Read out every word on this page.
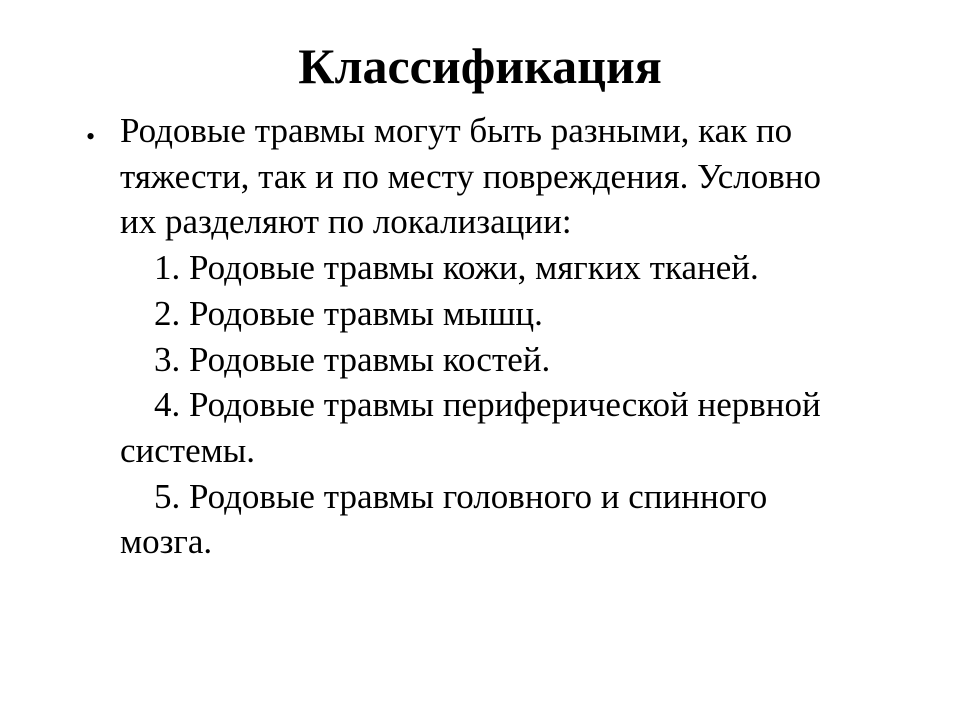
Классификация
• Родовые травмы могут быть разными, как по тяжести, так и по месту повреждения. Условно их разделяют по локализации:
1. Родовые травмы кожи, мягких тканей.
2. Родовые травмы мышц.
3. Родовые травмы костей.
4. Родовые травмы периферической нервной системы.
5. Родовые травмы головного и спинного мозга.
